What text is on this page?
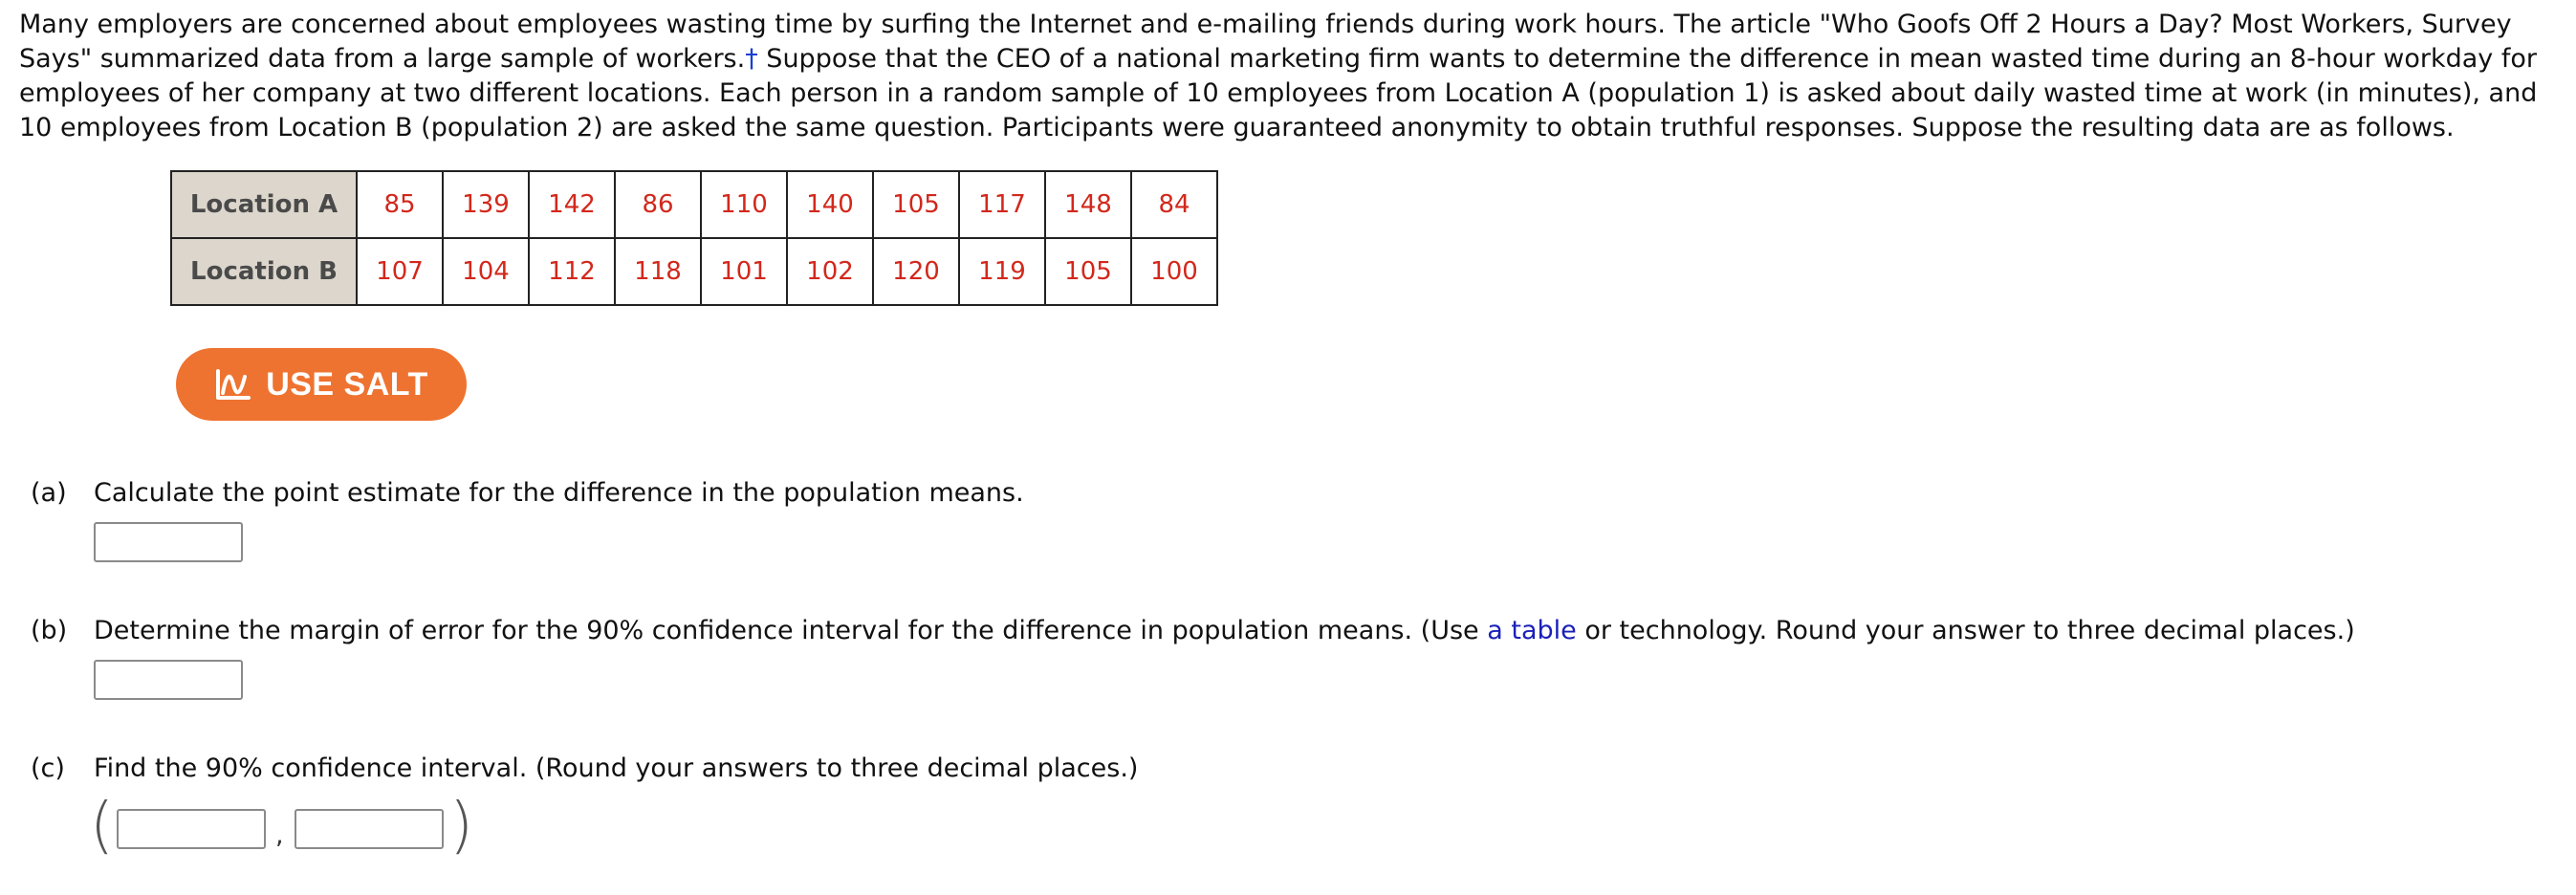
Many employers are concerned about employees wasting time by surfing the Internet and e-mailing friends during work hours. The article "Who Goofs Off 2 Hours a Day? Most Workers, Survey Says" summarized data from a large sample of workers.† Suppose that the CEO of a national marketing firm wants to determine the difference in mean wasted time during an 8-hour workday for employees of her company at two different locations. Each person in a random sample of 10 employees from Location A (population 1) is asked about daily wasted time at work (in minutes), and 10 employees from Location B (population 2) are asked the same question. Participants were guaranteed anonymity to obtain truthful responses. Suppose the resulting data are as follows.

Location A	85	139	142	86	110	140	105	117	148	84
Location B	107	104	112	118	101	102	120	119	105	100
USE SALT
(a) Calculate the point estimate for the difference in the population means.
(b) Determine the margin of error for the 90% confidence interval for the difference in population means. (Use a table or technology. Round your answer to three decimal places.)
(c) Find the 90% confidence interval. (Round your answers to three decimal places.)
(	,	)
